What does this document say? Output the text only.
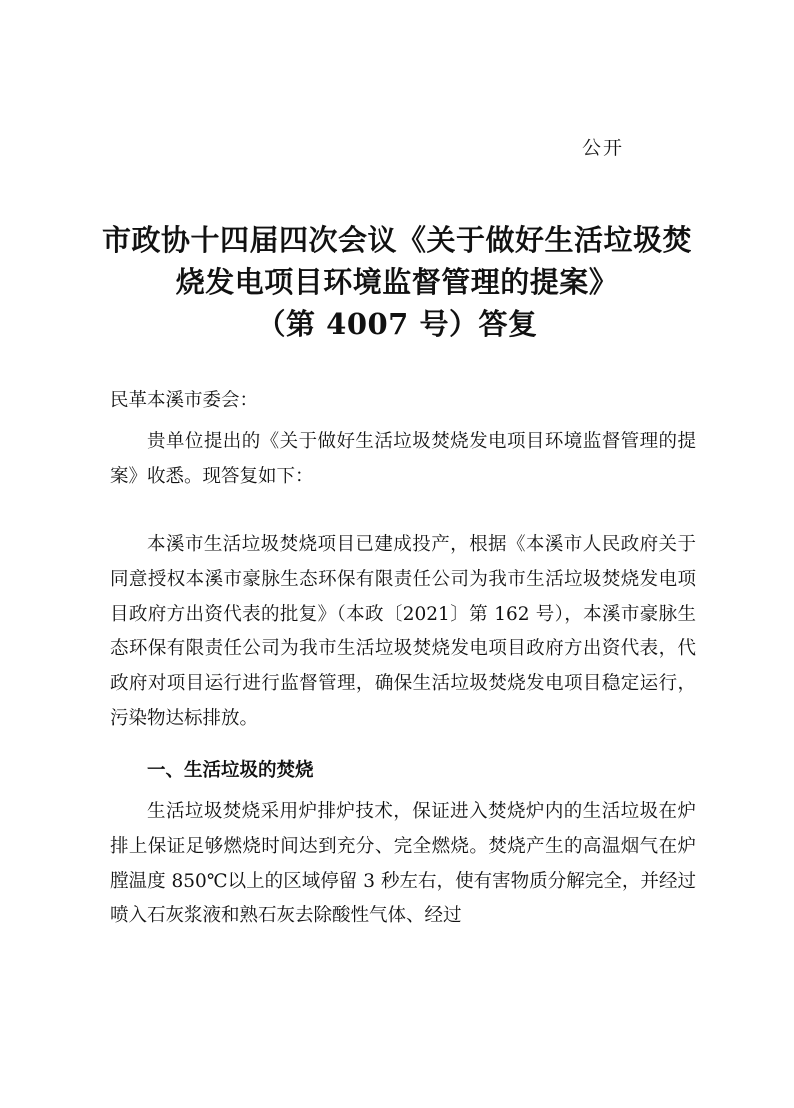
公开
市政协十四届四次会议《关于做好生活垃圾焚
烧发电项目环境监督管理的提案》
（第 4007 号）答复
民革本溪市委会：

贵单位提出的《关于做好生活垃圾焚烧发电项目环境监督管理的提案》收悉。现答复如下：

本溪市生活垃圾焚烧项目已建成投产，根据《本溪市人民政府关于同意授权本溪市豪脉生态环保有限责任公司为我市生活垃圾焚烧发电项目政府方出资代表的批复》（本政〔2021〕第 162 号），本溪市豪脉生态环保有限责任公司为我市生活垃圾焚烧发电项目政府方出资代表，代政府对项目运行进行监督管理，确保生活垃圾焚烧发电项目稳定运行，污染物达标排放。

一、生活垃圾的焚烧

生活垃圾焚烧采用炉排炉技术，保证进入焚烧炉内的生活垃圾在炉排上保证足够燃烧时间达到充分、完全燃烧。焚烧产生的高温烟气在炉膛温度 850℃以上的区域停留 3 秒左右，使有害物质分解完全，并经过喷入石灰浆液和熟石灰去除酸性气体、经过
